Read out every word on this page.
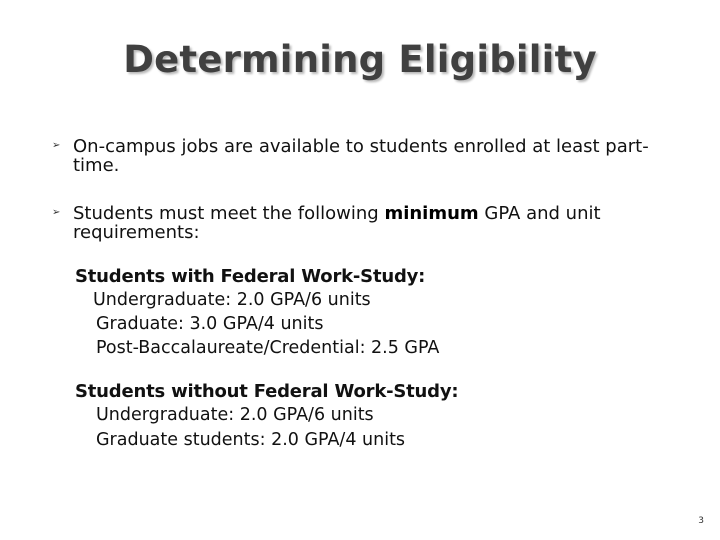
Determining Eligibility
➢ On-campus jobs are available to students enrolled at least part-time.
➢ Students must meet the following minimum GPA and unit requirements:
Students with Federal Work-Study:
Undergraduate: 2.0 GPA/6 units
Graduate: 3.0 GPA/4 units
Post-Baccalaureate/Credential: 2.5 GPA
Students without Federal Work-Study:
Undergraduate: 2.0 GPA/6 units
Graduate students: 2.0 GPA/4 units
3
